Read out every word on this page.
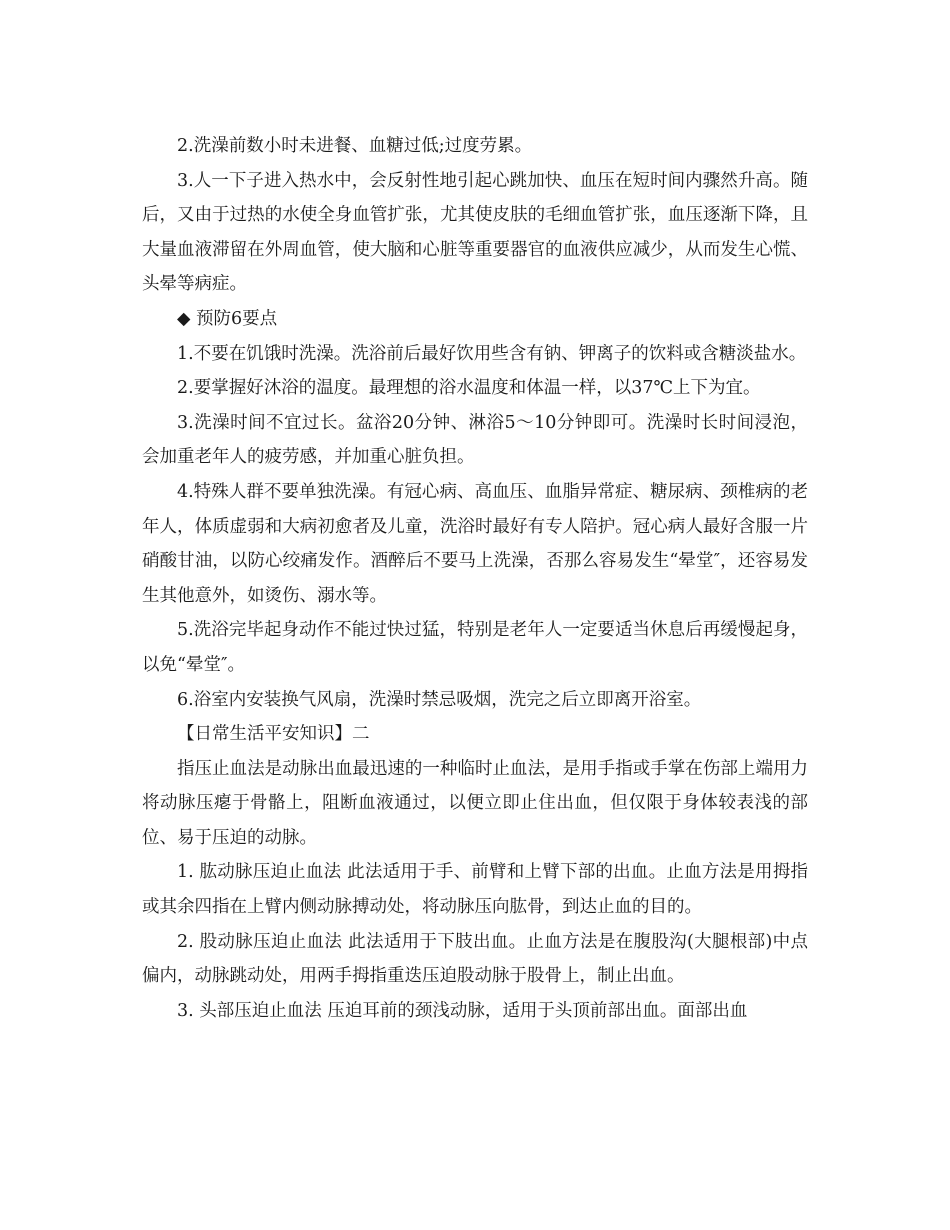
2.洗澡前数小时未进餐、血糖过低;过度劳累。

3.人一下子进入热水中，会反射性地引起心跳加快、血压在短时间内骤然升高。随后，又由于过热的水使全身血管扩张，尤其使皮肤的毛细血管扩张，血压逐渐下降，且大量血液滞留在外周血管，使大脑和心脏等重要器官的血液供应减少，从而发生心慌、头晕等病症。

◆ 预防6要点

1.不要在饥饿时洗澡。洗浴前后最好饮用些含有钠、钾离子的饮料或含糖淡盐水。

2.要掌握好沐浴的温度。最理想的浴水温度和体温一样，以37℃上下为宜。

3.洗澡时间不宜过长。盆浴20分钟、淋浴5～10分钟即可。洗澡时长时间浸泡，会加重老年人的疲劳感，并加重心脏负担。

4.特殊人群不要单独洗澡。有冠心病、高血压、血脂异常症、糖尿病、颈椎病的老年人，体质虚弱和大病初愈者及儿童，洗浴时最好有专人陪护。冠心病人最好含服一片硝酸甘油，以防心绞痛发作。酒醉后不要马上洗澡，否那么容易发生“晕堂″，还容易发生其他意外，如烫伤、溺水等。

5.洗浴完毕起身动作不能过快过猛，特别是老年人一定要适当休息后再缓慢起身，以免“晕堂″。

6.浴室内安装换气风扇，洗澡时禁忌吸烟，洗完之后立即离开浴室。

【日常生活平安知识】二

指压止血法是动脉出血最迅速的一种临时止血法，是用手指或手掌在伤部上端用力将动脉压瘪于骨骼上，阻断血液通过，以便立即止住出血，但仅限于身体较表浅的部位、易于压迫的动脉。

1. 肱动脉压迫止血法 此法适用于手、前臂和上臂下部的出血。止血方法是用拇指或其余四指在上臂内侧动脉搏动处，将动脉压向肱骨，到达止血的目的。

2. 股动脉压迫止血法 此法适用于下肢出血。止血方法是在腹股沟(大腿根部)中点偏内，动脉跳动处，用两手拇指重迭压迫股动脉于股骨上，制止出血。

3. 头部压迫止血法 压迫耳前的颈浅动脉，适用于头顶前部出血。面部出血
